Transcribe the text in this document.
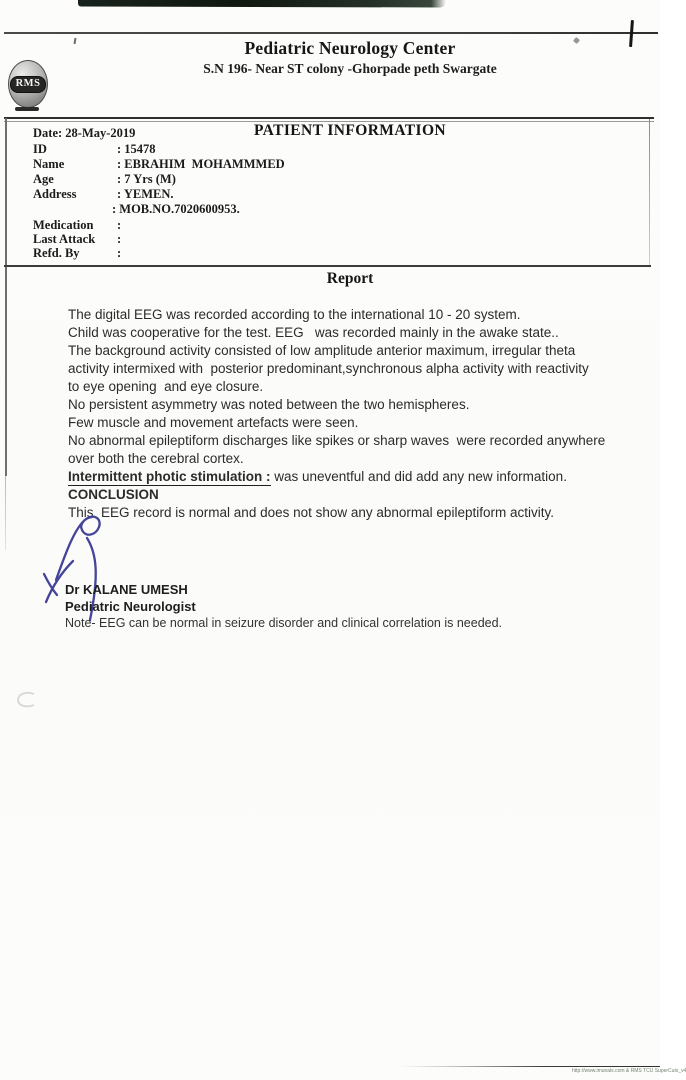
Pediatric Neurology Center
S.N 196- Near ST colony -Ghorpade peth Swargate
RMS
Date: 28-May-2019	PATIENT INFORMATION
ID	: 15478
Name	: EBRAHIM  MOHAMMMED
Age	: 7 Yrs (M)
Address	: YEMEN.
: MOB.NO.7020600953.
Medication :
Last Attack :
Refd. By	:
Report
The digital EEG was recorded according to the international 10 - 20 system.
Child was cooperative for the test. EEG   was recorded mainly in the awake state..
The background activity consisted of low amplitude anterior maximum, irregular theta
activity intermixed with  posterior predominant,synchronous alpha activity with reactivity
to eye opening  and eye closure.
No persistent asymmetry was noted between the two hemispheres.
Few muscle and movement artefacts were seen.
No abnormal epileptiform discharges like spikes or sharp waves  were recorded anywhere
over both the cerebral cortex.
Intermittent photic stimulation : was uneventful and did add any new information.
CONCLUSION
This  EEG record is normal and does not show any abnormal epileptiform activity.
Dr KALANE UMESH
Pediatric Neurologist
Note- EEG can be normal in seizure disorder and clinical correlation is needed.
http://www.imunals.com & RMS TCU SuperCuts_v4
